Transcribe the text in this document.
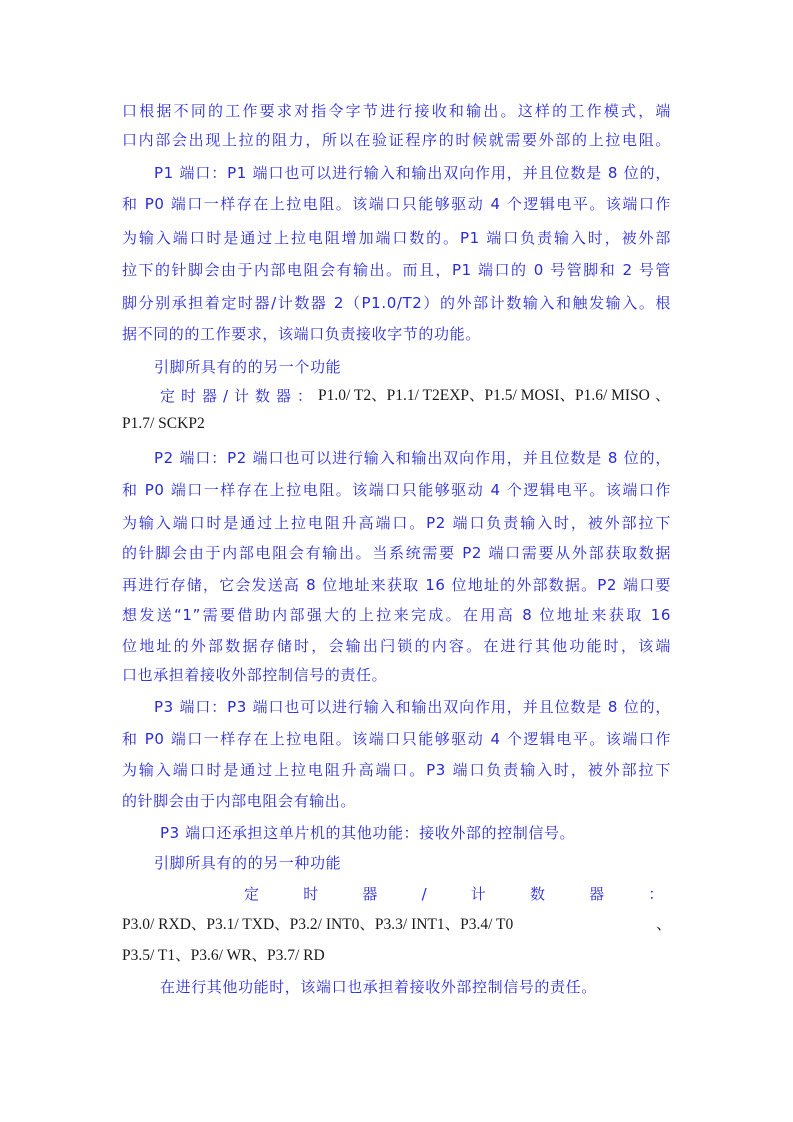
口根据不同的工作要求对指令字节进行接收和输出。这样的工作模式，端
口内部会出现上拉的阻力，所以在验证程序的时候就需要外部的上拉电阻。
P1 端口：P1 端口也可以进行输入和输出双向作用，并且位数是 8 位的，
和 P0 端口一样存在上拉电阻。该端口只能够驱动 4 个逻辑电平。该端口作
为输入端口时是通过上拉电阻增加端口数的。P1 端口负责输入时，被外部
拉下的针脚会由于内部电阻会有输出。而且，P1 端口的 0 号管脚和 2 号管
脚分别承担着定时器/计数器 2（P1.0/T2）的外部计数输入和触发输入。根
据不同的的工作要求，该端口负责接收字节的功能。
引脚所具有的的另一个功能
定时器/计数器： P1.0/ T2、P1.1/ T2EXP、P1.5/ MOSI、P1.6/ MISO 、
P1.7/ SCKP2
P2 端口：P2 端口也可以进行输入和输出双向作用，并且位数是 8 位的，
和 P0 端口一样存在上拉电阻。该端口只能够驱动 4 个逻辑电平。该端口作
为输入端口时是通过上拉电阻升高端口。P2 端口负责输入时，被外部拉下
的针脚会由于内部电阻会有输出。当系统需要 P2 端口需要从外部获取数据
再进行存储，它会发送高 8 位地址来获取 16 位地址的外部数据。P2 端口要
想发送“1”需要借助内部强大的上拉来完成。在用高 8 位地址来获取 16
位地址的外部数据存储时，会输出闩锁的内容。在进行其他功能时，该端
口也承担着接收外部控制信号的责任。
P3 端口：P3 端口也可以进行输入和输出双向作用，并且位数是 8 位的，
和 P0 端口一样存在上拉电阻。该端口只能够驱动 4 个逻辑电平。该端口作
为输入端口时是通过上拉电阻升高端口。P3 端口负责输入时，被外部拉下
的针脚会由于内部电阻会有输出。
P3 端口还承担这单片机的其他功能：接收外部的控制信号。
引脚所具有的的另一种功能
定	时	器	/	计	数	器	：
P3.0/ RXD、P3.1/ TXD、P3.2/ INT0、P3.3/ INT1、P3.4/ T0	、
P3.5/ T1、P3.6/ WR、P3.7/ RD
在进行其他功能时，该端口也承担着接收外部控制信号的责任。
